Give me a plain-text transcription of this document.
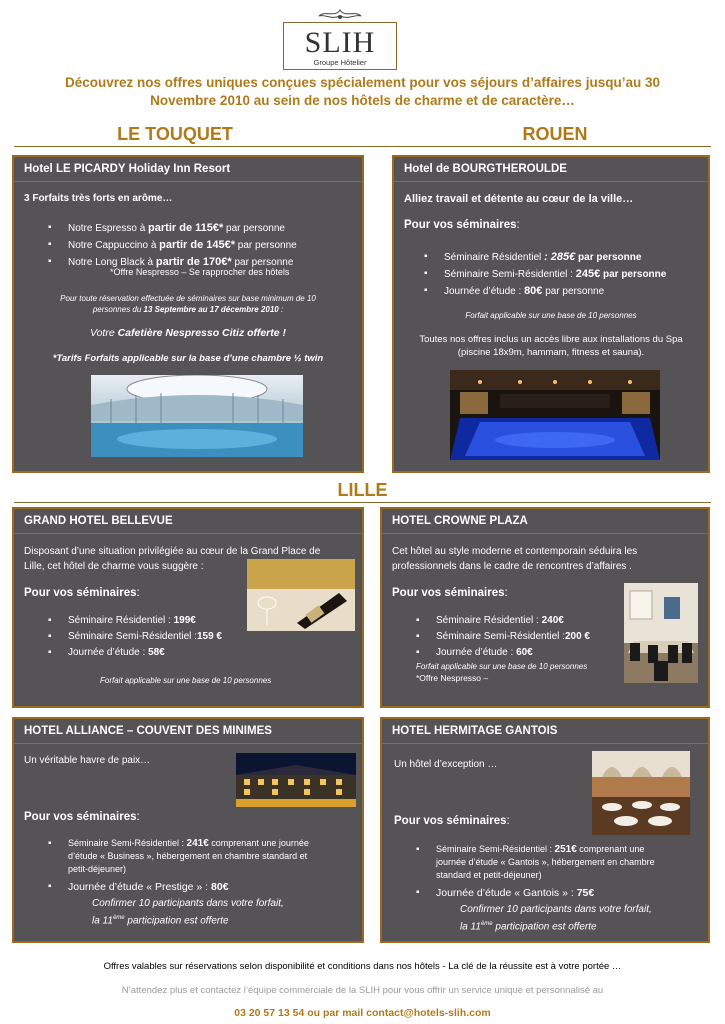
SLIH
Groupe Hôtelier
Découvrez nos offres uniques conçues spécialement pour vos séjours d’affaires jusqu’au 30
Novembre 2010 au sein de nos hôtels de charme et de caractère…
LE TOUQUET	ROUEN
Hotel LE PICARDY Holiday Inn Resort
3 Forfaits très forts en arôme…
▪ Notre Espresso à partir de 115€* par personne
▪ Notre Cappuccino à partir de 145€* par personne
▪ Notre Long Black à partir de 170€* par personne
*Offre Nespresso – Se rapprocher des hôtels
Pour toute réservation effectuée de séminaires sur base minimum de 10
personnes du 13 Septembre au 17 décembre 2010 :
Votre Cafetière Nespresso Citiz offerte !
*Tarifs Forfaits applicable sur la base d’une chambre ½ twin
Hotel de BOURGTHEROULDE
Alliez travail et détente au cœur de la ville…
Pour vos séminaires:
▪ Séminaire Résidentiel : 285€ par personne
▪ Séminaire Semi-Résidentiel : 245€ par personne
▪ Journée d’étude : 80€ par personne
Forfait applicable sur une base de 10 personnes
Toutes nos offres inclus un accès libre aux installations du Spa
(piscine 18x9m, hammam, fitness et sauna).
LILLE
GRAND HOTEL BELLEVUE
Disposant d’une situation privilégiée au cœur de la Grand Place de
Lille, cet hôtel de charme vous suggère :
Pour vos séminaires:
▪ Séminaire Résidentiel : 199€
▪ Séminaire Semi-Résidentiel :159 €
▪ Journée d’étude : 58€
Forfait applicable sur une base de 10 personnes
HOTEL CROWNE PLAZA
Cet hôtel au style moderne et contemporain séduira les
professionnels dans le cadre de rencontres d’affaires .
Pour vos séminaires:
▪ Séminaire Résidentiel : 240€
▪ Séminaire Semi-Résidentiel :200 €
▪ Journée d’étude : 60€
Forfait applicable sur une base de 10 personnes
*Offre Nespresso –
HOTEL ALLIANCE – COUVENT DES MINIMES
Un véritable havre de paix…
Pour vos séminaires:
▪ Séminaire Semi-Résidentiel : 241€ comprenant une journée
d’étude « Business », hébergement en chambre standard et
petit-déjeuner)
▪ Journée d’étude « Prestige » : 80€
Confirmer 10 participants dans votre forfait,
la 11ème participation est offerte
HOTEL HERMITAGE GANTOIS
Un hôtel d’exception …
Pour vos séminaires:
▪ Séminaire Semi-Résidentiel : 251€ comprenant une
journée d’étude « Gantois », hébergement en chambre
standard et petit-déjeuner)
▪ Journée d’étude « Gantois » : 75€
Confirmer 10 participants dans votre forfait,
la 11ème participation est offerte
Offres valables sur réservations selon disponibilité et conditions dans nos hôtels - La clé de la réussite est à votre portée …
N’attendez plus et contactez l’équipe commerciale de la SLIH pour vous offrir un service unique et personnalisé au
03 20 57 13 54 ou par mail contact@hotels-slih.com
